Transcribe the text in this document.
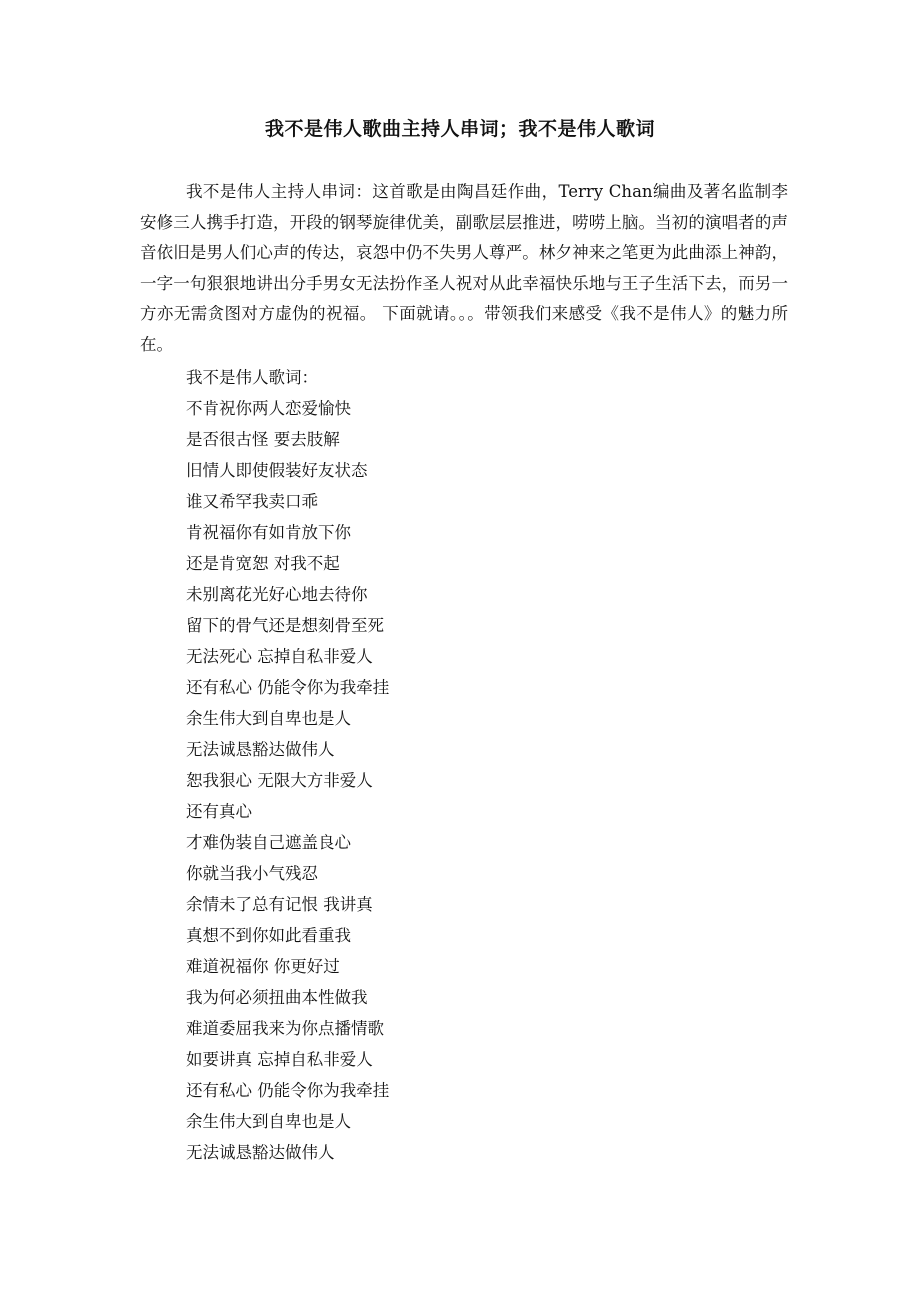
我不是伟人歌曲主持人串词；我不是伟人歌词

我不是伟人主持人串词：这首歌是由陶昌廷作曲，Terry Chan编曲及著名监制李安修三人携手打造，开段的钢琴旋律优美，副歌层层推进，唠唠上脑。当初的演唱者的声音依旧是男人们心声的传达，哀怨中仍不失男人尊严。林夕神来之笔更为此曲添上神韵，一字一句狠狠地讲出分手男女无法扮作圣人祝对从此幸福快乐地与王子生活下去，而另一方亦无需贪图对方虚伪的祝福。 下面就请。。。带领我们来感受《我不是伟人》的魅力所在。

我不是伟人歌词：
不肯祝你两人恋爱愉快
是否很古怪 要去肢解
旧情人即使假装好友状态
谁又希罕我卖口乖
肯祝福你有如肯放下你
还是肯宽恕 对我不起
未别离花光好心地去待你
留下的骨气还是想刻骨至死
无法死心 忘掉自私非爱人
还有私心 仍能令你为我牵挂
余生伟大到自卑也是人
无法诚恳豁达做伟人
恕我狠心 无限大方非爱人
还有真心
才难伪装自己遮盖良心
你就当我小气残忍
余情未了总有记恨 我讲真
真想不到你如此看重我
难道祝福你 你更好过
我为何必须扭曲本性做我
难道委屈我来为你点播情歌
如要讲真 忘掉自私非爱人
还有私心 仍能令你为我牵挂
余生伟大到自卑也是人
无法诚恳豁达做伟人
